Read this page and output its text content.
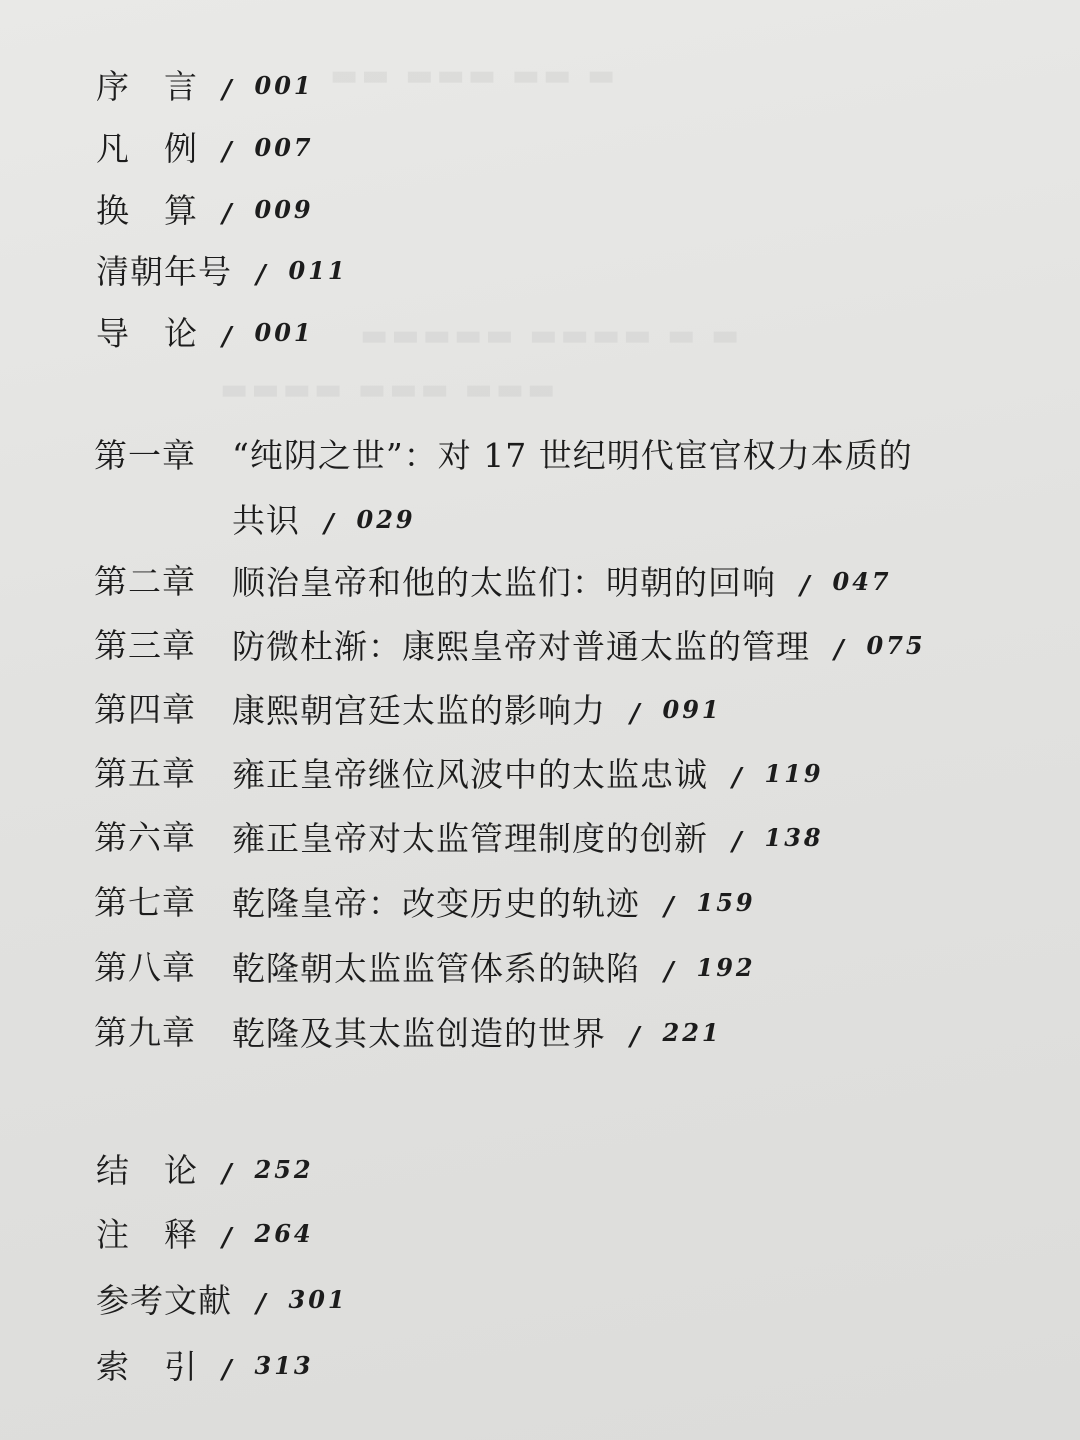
▬▬ ▬▬▬ ▬▬ ▬
▬▬▬▬▬ ▬▬▬▬ ▬ ▬
▬▬▬▬ ▬▬▬ ▬▬▬
序　言 / 001
凡　例 / 007
换　算 / 009
清朝年号 / 011
导　论 / 001
第一章 “纯阴之世”：对 17 世纪明代宦官权力本质的
共识 / 029
第二章 顺治皇帝和他的太监们：明朝的回响 / 047
第三章 防微杜渐：康熙皇帝对普通太监的管理 / 075
第四章 康熙朝宫廷太监的影响力 / 091
第五章 雍正皇帝继位风波中的太监忠诚 / 119
第六章 雍正皇帝对太监管理制度的创新 / 138
第七章 乾隆皇帝：改变历史的轨迹 / 159
第八章 乾隆朝太监监管体系的缺陷 / 192
第九章 乾隆及其太监创造的世界 / 221
结　论 / 252
注　释 / 264
参考文献 / 301
索　引 / 313
